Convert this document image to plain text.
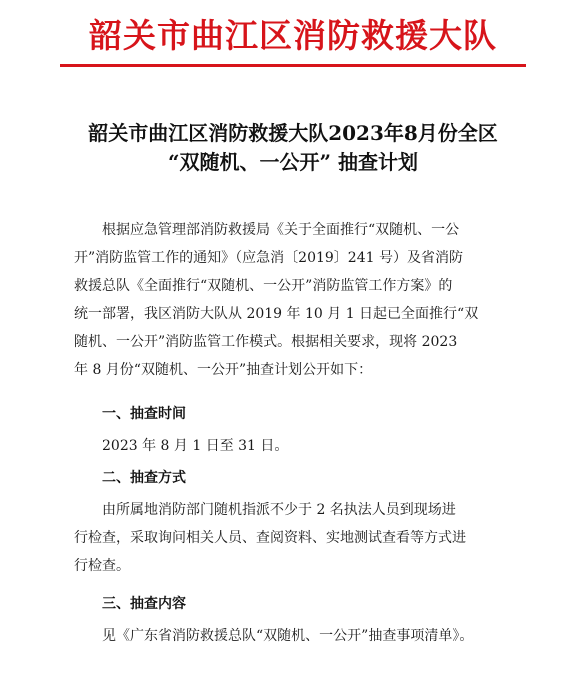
韶关市曲江区消防救援大队
韶关市曲江区消防救援大队2023年8月份全区
“双随机、一公开” 抽查计划
根据应急管理部消防救援局《关于全面推行“双随机、一公
开”消防监管工作的通知》（应急消〔2019〕241 号）及省消防
救援总队《全面推行“双随机、一公开”消防监管工作方案》的
统一部署，我区消防大队从 2019 年 10 月 1 日起已全面推行“双
随机、一公开”消防监管工作模式。根据相关要求，现将 2023
年 8 月份“双随机、一公开”抽查计划公开如下：
一、抽查时间
2023 年 8 月 1 日至 31 日。
二、抽查方式
由所属地消防部门随机指派不少于 2 名执法人员到现场进
行检查，采取询问相关人员、查阅资料、实地测试查看等方式进
行检查。
三、抽查内容
见《广东省消防救援总队“双随机、一公开”抽查事项清单》。
